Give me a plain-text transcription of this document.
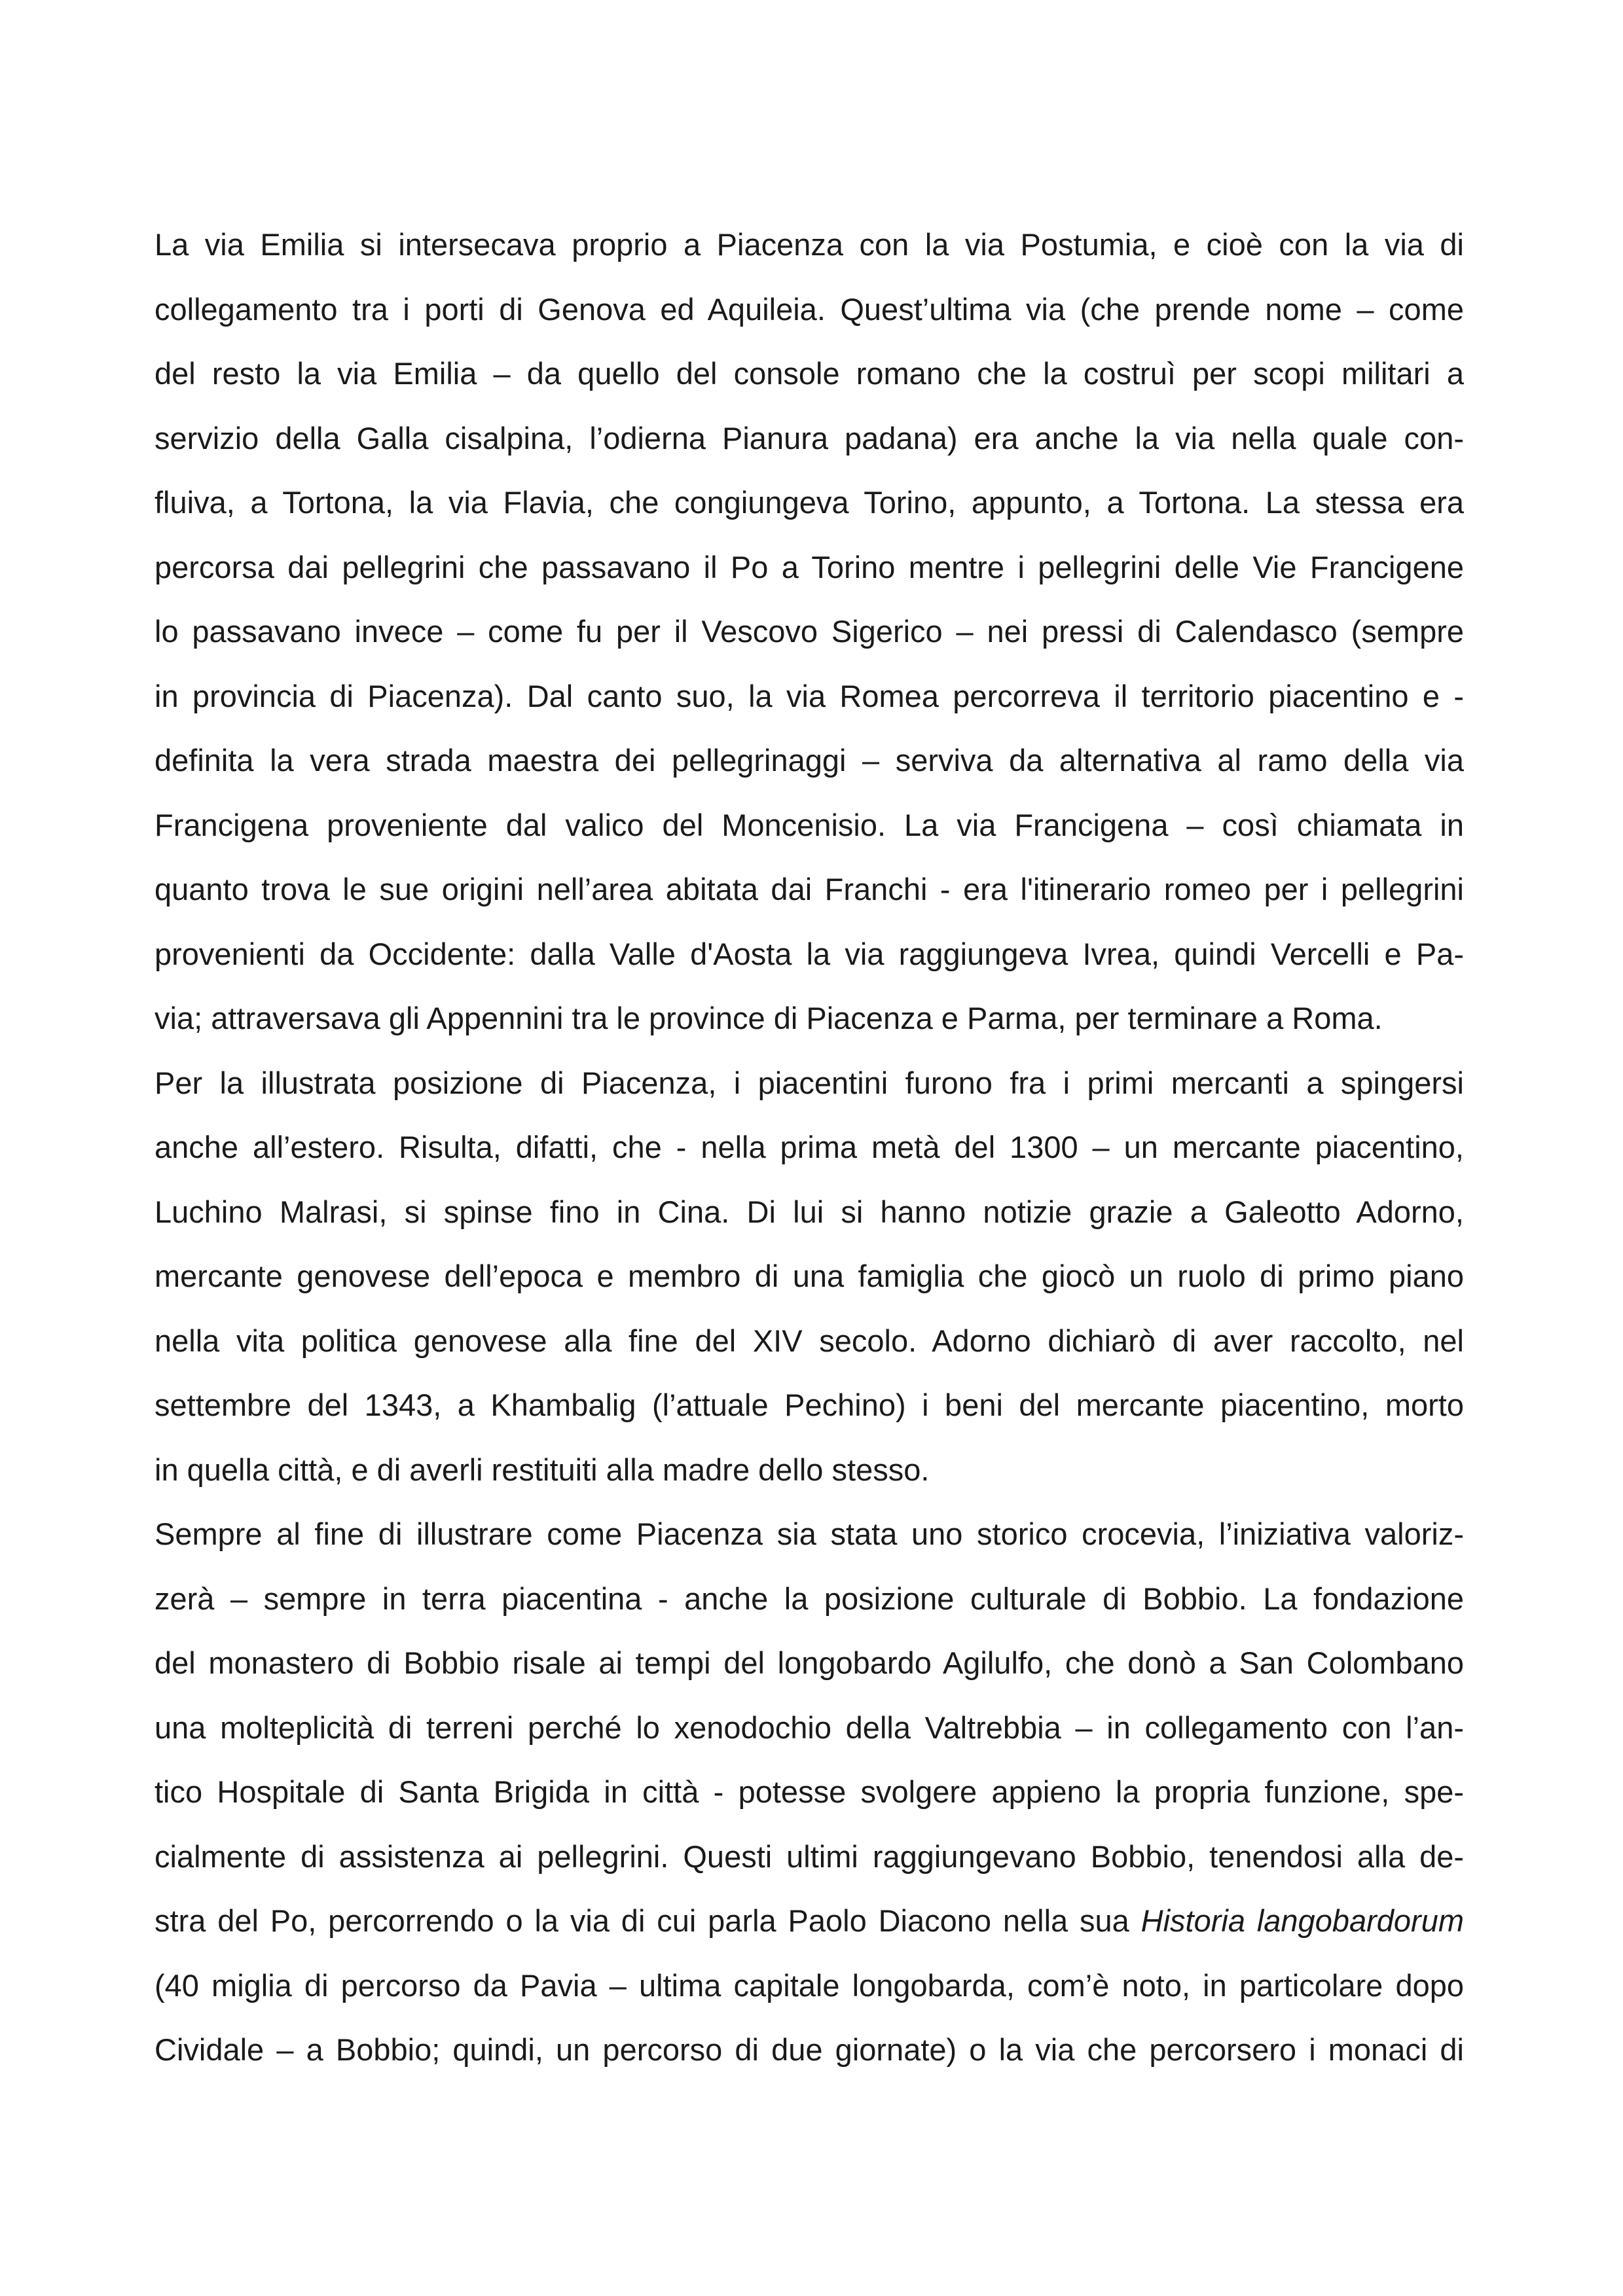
La via Emilia si intersecava proprio a Piacenza con la via Postumia, e cioè con la via di
collegamento tra i porti di Genova ed Aquileia. Quest’ultima via (che prende nome – come
del resto la via Emilia – da quello del console romano che la costruì per scopi militari a
servizio della Galla cisalpina, l’odierna Pianura padana) era anche la via nella quale con-
fluiva, a Tortona, la via Flavia, che congiungeva Torino, appunto, a Tortona. La stessa era
percorsa dai pellegrini che passavano il Po a Torino mentre i pellegrini delle Vie Francigene
lo passavano invece – come fu per il Vescovo Sigerico – nei pressi di Calendasco (sempre
in provincia di Piacenza). Dal canto suo, la via Romea percorreva il territorio piacentino e -
definita la vera strada maestra dei pellegrinaggi – serviva da alternativa al ramo della via
Francigena proveniente dal valico del Moncenisio. La via Francigena – così chiamata in
quanto trova le sue origini nell’area abitata dai Franchi - era l'itinerario romeo per i pellegrini
provenienti da Occidente: dalla Valle d'Aosta la via raggiungeva Ivrea, quindi Vercelli e Pa-
via; attraversava gli Appennini tra le province di Piacenza e Parma, per terminare a Roma.
Per la illustrata posizione di Piacenza, i piacentini furono fra i primi mercanti a spingersi
anche all’estero. Risulta, difatti, che - nella prima metà del 1300 – un mercante piacentino,
Luchino Malrasi, si spinse fino in Cina. Di lui si hanno notizie grazie a Galeotto Adorno,
mercante genovese dell’epoca e membro di una famiglia che giocò un ruolo di primo piano
nella vita politica genovese alla fine del XIV secolo. Adorno dichiarò di aver raccolto, nel
settembre del 1343, a Khambalig (l’attuale Pechino) i beni del mercante piacentino, morto
in quella città, e di averli restituiti alla madre dello stesso.
Sempre al fine di illustrare come Piacenza sia stata uno storico crocevia, l’iniziativa valoriz-
zerà – sempre in terra piacentina - anche la posizione culturale di Bobbio. La fondazione
del monastero di Bobbio risale ai tempi del longobardo Agilulfo, che donò a San Colombano
una molteplicità di terreni perché lo xenodochio della Valtrebbia – in collegamento con l’an-
tico Hospitale di Santa Brigida in città - potesse svolgere appieno la propria funzione, spe-
cialmente di assistenza ai pellegrini. Questi ultimi raggiungevano Bobbio, tenendosi alla de-
stra del Po, percorrendo o la via di cui parla Paolo Diacono nella sua Historia langobardorum
(40 miglia di percorso da Pavia – ultima capitale longobarda, com’è noto, in particolare dopo
Cividale – a Bobbio; quindi, un percorso di due giornate) o la via che percorsero i monaci di
